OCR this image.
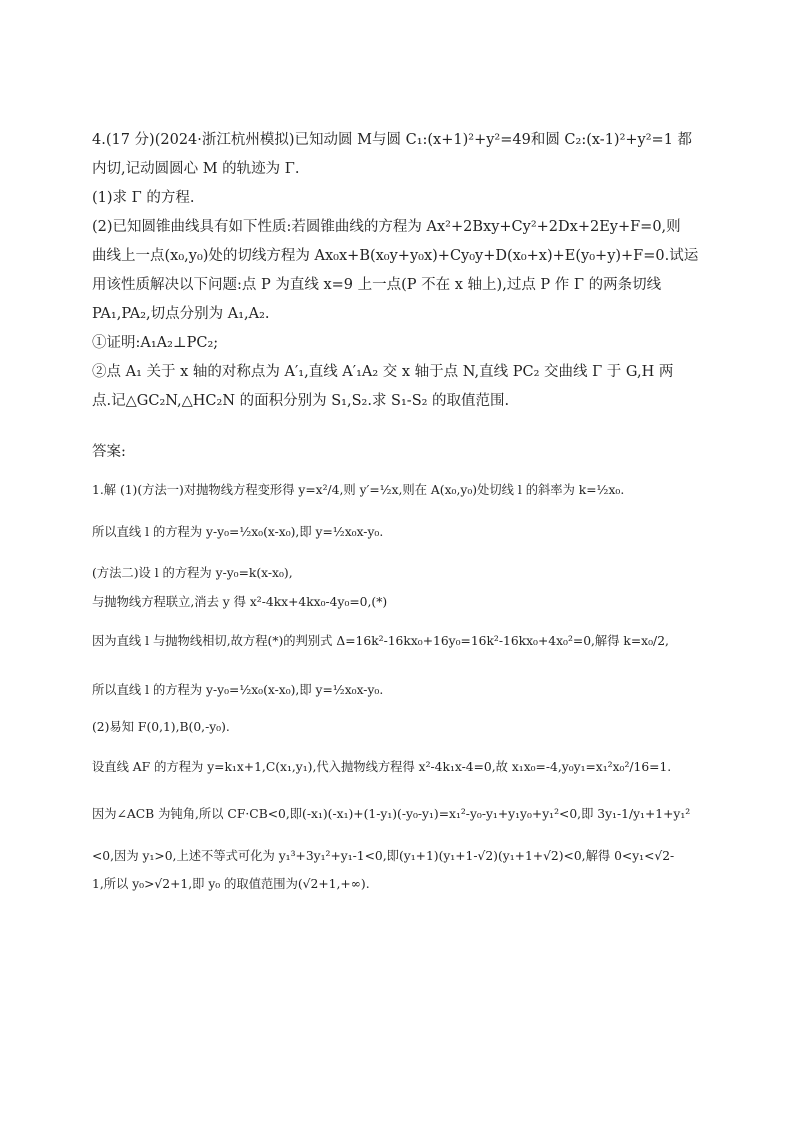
4.(17 分)(2024·浙江杭州模拟)已知动圆 M与圆 C₁:(x+1)²+y²=49和圆 C₂:(x-1)²+y²=1 都

内切,记动圆圆心 M 的轨迹为 Γ.

(1)求 Γ 的方程.

(2)已知圆锥曲线具有如下性质:若圆锥曲线的方程为 Ax²+2Bxy+Cy²+2Dx+2Ey+F=0,则

曲线上一点(x₀,y₀)处的切线方程为 Ax₀x+B(x₀y+y₀x)+Cy₀y+D(x₀+x)+E(y₀+y)+F=0.试运

用该性质解决以下问题:点 P 为直线 x=9 上一点(P 不在 x 轴上),过点 P 作 Γ 的两条切线

PA₁,PA₂,切点分别为 A₁,A₂.

①证明:A₁A₂⊥PC₂;

②点 A₁ 关于 x 轴的对称点为 A′₁,直线 A′₁A₂ 交 x 轴于点 N,直线 PC₂ 交曲线 Γ 于 G,H 两

点.记△GC₂N,△HC₂N 的面积分别为 S₁,S₂.求 S₁-S₂ 的取值范围.

答案:

1.解 (1)(方法一)对抛物线方程变形得 y=x²/4,则 y′=½x,则在 A(x₀,y₀)处切线 l 的斜率为 k=½x₀.

所以直线 l 的方程为 y-y₀=½x₀(x-x₀),即 y=½x₀x-y₀.

(方法二)设 l 的方程为 y-y₀=k(x-x₀),

与抛物线方程联立,消去 y 得 x²-4kx+4kx₀-4y₀=0,(*)

因为直线 l 与抛物线相切,故方程(*)的判别式 Δ=16k²-16kx₀+16y₀=16k²-16kx₀+4x₀²=0,解得 k=x₀/2,

所以直线 l 的方程为 y-y₀=½x₀(x-x₀),即 y=½x₀x-y₀.

(2)易知 F(0,1),B(0,-y₀).

设直线 AF 的方程为 y=k₁x+1,C(x₁,y₁),代入抛物线方程得 x²-4k₁x-4=0,故 x₁x₀=-4,y₀y₁=x₁²x₀²/16=1.

因为∠ACB 为钝角,所以 CF·CB<0,即(-x₁)(-x₁)+(1-y₁)(-y₀-y₁)=x₁²-y₀-y₁+y₁y₀+y₁²<0,即 3y₁-1/y₁+1+y₁²

<0,因为 y₁>0,上述不等式可化为 y₁³+3y₁²+y₁-1<0,即(y₁+1)(y₁+1-√2)(y₁+1+√2)<0,解得 0<y₁<√2-

1,所以 y₀>√2+1,即 y₀ 的取值范围为(√2+1,+∞).
